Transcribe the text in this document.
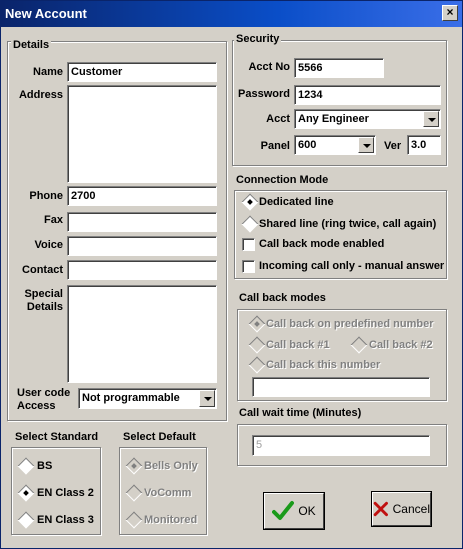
New Account	×
Details
Name Customer
Address
Phone 2700
Fax
Voice
Contact
Special
Details
User code
Access
Not programmable
Security
Acct No 5566
Password 1234
Acct Any Engineer
Panel 600	Ver 3.0
Connection Mode
Dedicated line
Shared line (ring twice, call again)
Call back mode enabled
Incoming call only - manual answer
Call back modes
Call back on predefined number
Call back #1	Call back #2
Call back this number
Call wait time (Minutes)
5
Select Standard
BS
EN Class 2
EN Class 3
Select Default
Bells Only
VoComm
Monitored
OK	Cancel
